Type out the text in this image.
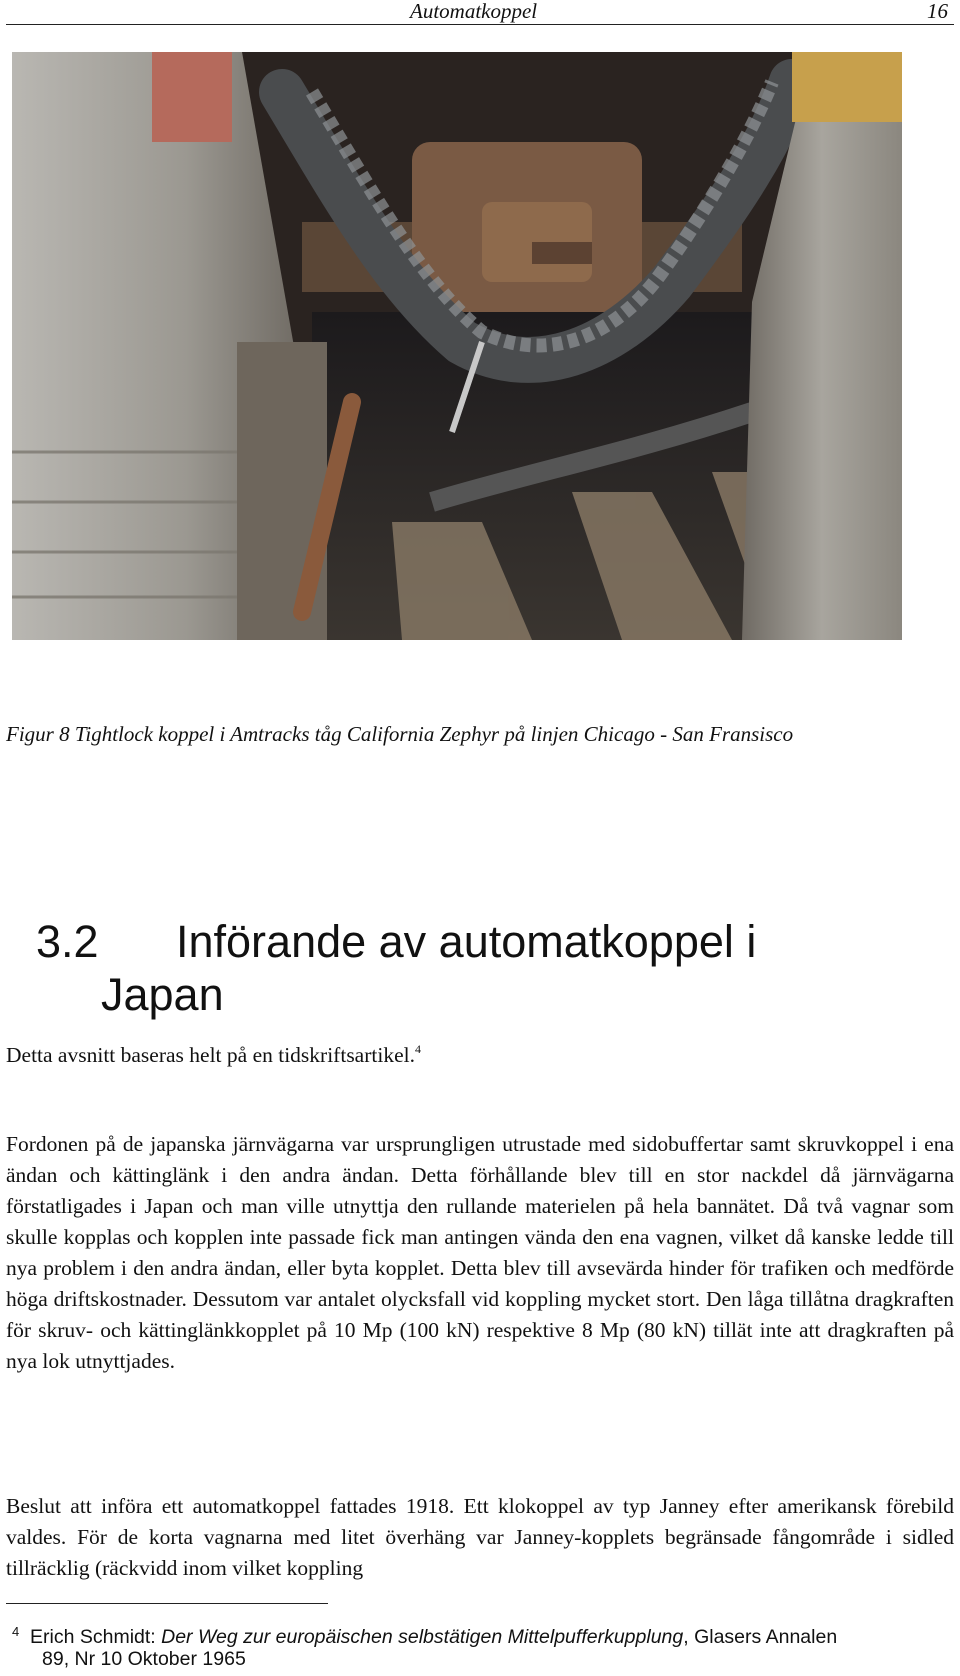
Automatkoppel	16
Figur 8 Tightlock koppel i Amtracks tåg California Zephyr på linjen Chicago - San Fransisco
3.2 Införande av automatkoppel i
Japan

Detta avsnitt baseras helt på en tidskriftsartikel.$^4$

Fordonen på de japanska järnvägarna var ursprungligen utrustade med sidobuffertar samt skruvkoppel i ena ändan och kättinglänk i den andra ändan. Detta förhållande blev till en stor nackdel då järnvägarna förstatligades i Japan och man ville utnyttja den rullande materielen på hela bannätet. Då två vagnar som skulle kopplas och kopplen inte passade fick man antingen vända den ena vagnen, vilket då kanske ledde till nya problem i den andra ändan, eller byta kopplet. Detta blev till avsevärda hinder för trafiken och medförde höga driftskostnader. Dessutom var antalet olycksfall vid koppling mycket stort. Den låga tillåtna dragkraften för skruv- och kättinglänkkopplet på 10 Mp (100 kN) respektive 8 Mp (80 kN) tillät inte att dragkraften på nya lok utnyttjades.

Beslut att införa ett automatkoppel fattades 1918. Ett klokoppel av typ Janney efter amerikansk förebild valdes. För de korta vagnarna med litet överhäng var Janney-kopplets begränsade fångområde i sidled tillräcklig (räckvidd inom vilket koppling

4 Erich Schmidt: Der Weg zur europäischen selbstätigen Mittelpufferkupplung, Glasers Annalen
89, Nr 10 Oktober 1965
